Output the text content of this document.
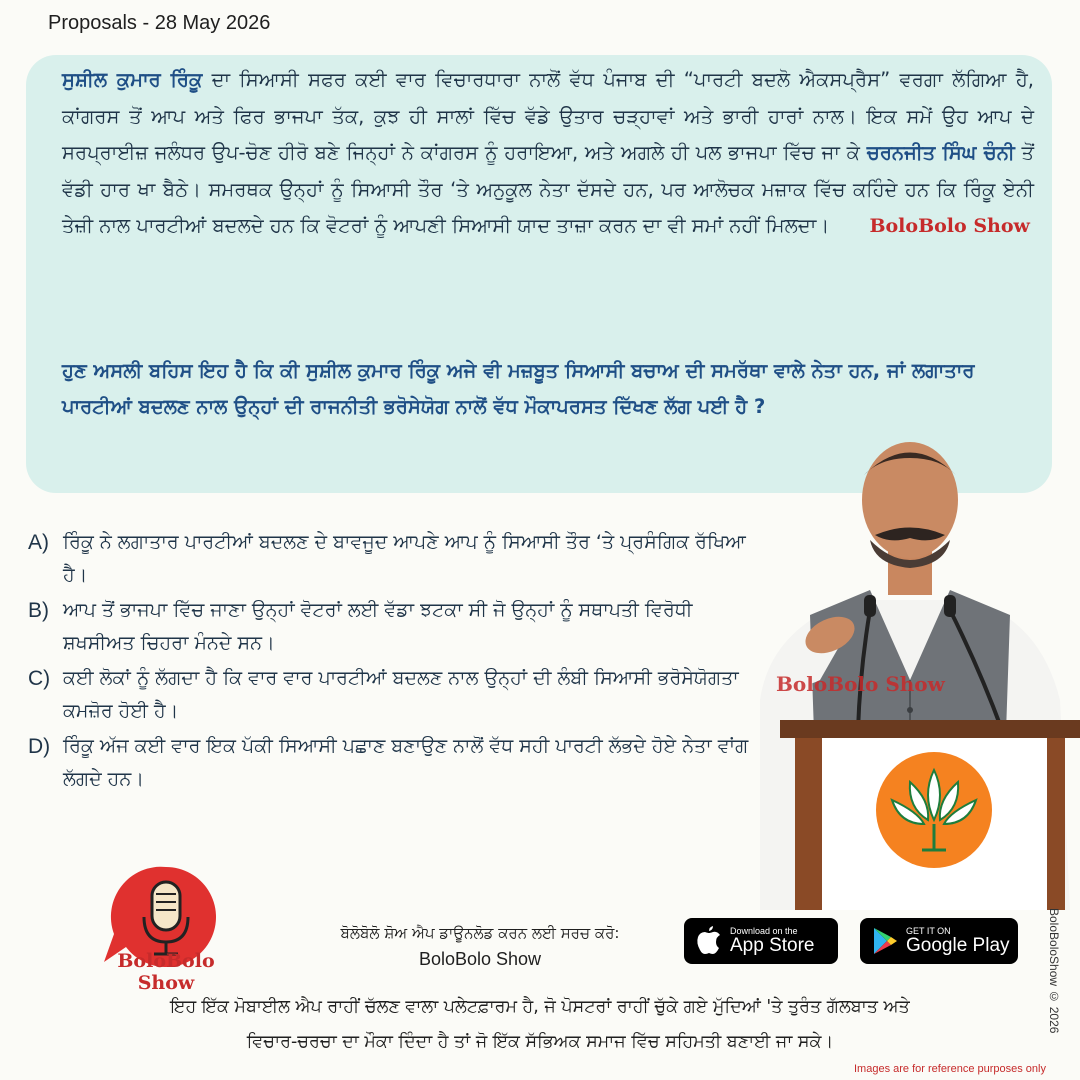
Proposals - 28 May 2026
ਸੁਸ਼ੀਲ ਕੁਮਾਰ ਰਿੰਕੂ ਦਾ ਸਿਆਸੀ ਸਫਰ ਕਈ ਵਾਰ ਵਿਚਾਰਧਾਰਾ ਨਾਲੋਂ ਵੱਧ ਪੰਜਾਬ ਦੀ “ਪਾਰਟੀ ਬਦਲੋ ਐਕਸਪ੍ਰੈਸ” ਵਰਗਾ ਲੱਗਿਆ ਹੈ, ਕਾਂਗਰਸ ਤੋਂ ਆਪ ਅਤੇ ਫਿਰ ਭਾਜਪਾ ਤੱਕ, ਕੁਝ ਹੀ ਸਾਲਾਂ ਵਿੱਚ ਵੱਡੇ ਉਤਾਰ ਚੜ੍ਹਾਵਾਂ ਅਤੇ ਭਾਰੀ ਹਾਰਾਂ ਨਾਲ। ਇਕ ਸਮੇਂ ਉਹ ਆਪ ਦੇ ਸਰਪ੍ਰਾਈਜ਼ ਜਲੰਧਰ ਉਪ-ਚੋਣ ਹੀਰੋ ਬਣੇ ਜਿਨ੍ਹਾਂ ਨੇ ਕਾਂਗਰਸ ਨੂੰ ਹਰਾਇਆ, ਅਤੇ ਅਗਲੇ ਹੀ ਪਲ ਭਾਜਪਾ ਵਿੱਚ ਜਾ ਕੇ ਚਰਨਜੀਤ ਸਿੰਘ ਚੰਨੀ ਤੋਂ ਵੱਡੀ ਹਾਰ ਖਾ ਬੈਠੇ। ਸਮਰਥਕ ਉਨ੍ਹਾਂ ਨੂੰ ਸਿਆਸੀ ਤੌਰ ‘ਤੇ ਅਨੁਕੂਲ ਨੇਤਾ ਦੱਸਦੇ ਹਨ, ਪਰ ਆਲੋਚਕ ਮਜ਼ਾਕ ਵਿੱਚ ਕਹਿੰਦੇ ਹਨ ਕਿ ਰਿੰਕੂ ਏਨੀ ਤੇਜ਼ੀ ਨਾਲ ਪਾਰਟੀਆਂ ਬਦਲਦੇ ਹਨ ਕਿ ਵੋਟਰਾਂ ਨੂੰ ਆਪਣੀ ਸਿਆਸੀ ਯਾਦ ਤਾਜ਼ਾ ਕਰਨ ਦਾ ਵੀ ਸਮਾਂ ਨਹੀਂ ਮਿਲਦਾ। BoloBolo Show
ਹੁਣ ਅਸਲੀ ਬਹਿਸ ਇਹ ਹੈ ਕਿ ਕੀ ਸੁਸ਼ੀਲ ਕੁਮਾਰ ਰਿੰਕੂ ਅਜੇ ਵੀ ਮਜ਼ਬੂਤ ਸਿਆਸੀ ਬਚਾਅ ਦੀ ਸਮਰੱਥਾ ਵਾਲੇ ਨੇਤਾ ਹਨ, ਜਾਂ ਲਗਾਤਾਰ ਪਾਰਟੀਆਂ ਬਦਲਣ ਨਾਲ ਉਨ੍ਹਾਂ ਦੀ ਰਾਜਨੀਤੀ ਭਰੋਸੇਯੋਗ ਨਾਲੋਂ ਵੱਧ ਮੌਕਾਪਰਸਤ ਦਿੱਖਣ ਲੱਗ ਪਈ ਹੈ ?
A) ਰਿੰਕੂ ਨੇ ਲਗਾਤਾਰ ਪਾਰਟੀਆਂ ਬਦਲਣ ਦੇ ਬਾਵਜੂਦ ਆਪਣੇ ਆਪ ਨੂੰ ਸਿਆਸੀ ਤੌਰ ‘ਤੇ ਪ੍ਰਸੰਗਿਕ ਰੱਖਿਆ ਹੈ।
B) ਆਪ ਤੋਂ ਭਾਜਪਾ ਵਿੱਚ ਜਾਣਾ ਉਨ੍ਹਾਂ ਵੋਟਰਾਂ ਲਈ ਵੱਡਾ ਝਟਕਾ ਸੀ ਜੋ ਉਨ੍ਹਾਂ ਨੂੰ ਸਥਾਪਤੀ ਵਿਰੋਧੀ ਸ਼ਖਸੀਅਤ ਚਿਹਰਾ ਮੰਨਦੇ ਸਨ।
C) ਕਈ ਲੋਕਾਂ ਨੂੰ ਲੱਗਦਾ ਹੈ ਕਿ ਵਾਰ ਵਾਰ ਪਾਰਟੀਆਂ ਬਦਲਣ ਨਾਲ ਉਨ੍ਹਾਂ ਦੀ ਲੰਬੀ ਸਿਆਸੀ ਭਰੋਸੇਯੋਗਤਾ ਕਮਜ਼ੋਰ ਹੋਈ ਹੈ।
D) ਰਿੰਕੂ ਅੱਜ ਕਈ ਵਾਰ ਇਕ ਪੱਕੀ ਸਿਆਸੀ ਪਛਾਣ ਬਣਾਉਣ ਨਾਲੋਂ ਵੱਧ ਸਹੀ ਪਾਰਟੀ ਲੱਭਦੇ ਹੋਏ ਨੇਤਾ ਵਾਂਗ ਲੱਗਦੇ ਹਨ।
BoloBolo Show
BoloBolo Show
ਬੋਲੋਬੋਲੋ ਸ਼ੋਅ ਐਪ ਡਾਊਨਲੋਡ ਕਰਨ ਲਈ ਸਰਚ ਕਰੋ:
BoloBolo Show
Download on the
App Store
GET IT ON
Google Play
ਇਹ ਇੱਕ ਮੋਬਾਈਲ ਐਪ ਰਾਹੀਂ ਚੱਲਣ ਵਾਲਾ ਪਲੇਟਫ਼ਾਰਮ ਹੈ, ਜੋ ਪੋਸਟਰਾਂ ਰਾਹੀਂ ਚੁੱਕੇ ਗਏ ਮੁੱਦਿਆਂ 'ਤੇ ਤੁਰੰਤ ਗੱਲਬਾਤ ਅਤੇ
ਵਿਚਾਰ-ਚਰਚਾ ਦਾ ਮੌਕਾ ਦਿੰਦਾ ਹੈ ਤਾਂ ਜੋ ਇੱਕ ਸੱਭਿਅਕ ਸਮਾਜ ਵਿੱਚ ਸਹਿਮਤੀ ਬਣਾਈ ਜਾ ਸਕੇ।
BoloBoloShow © 2026
Images are for reference purposes only
